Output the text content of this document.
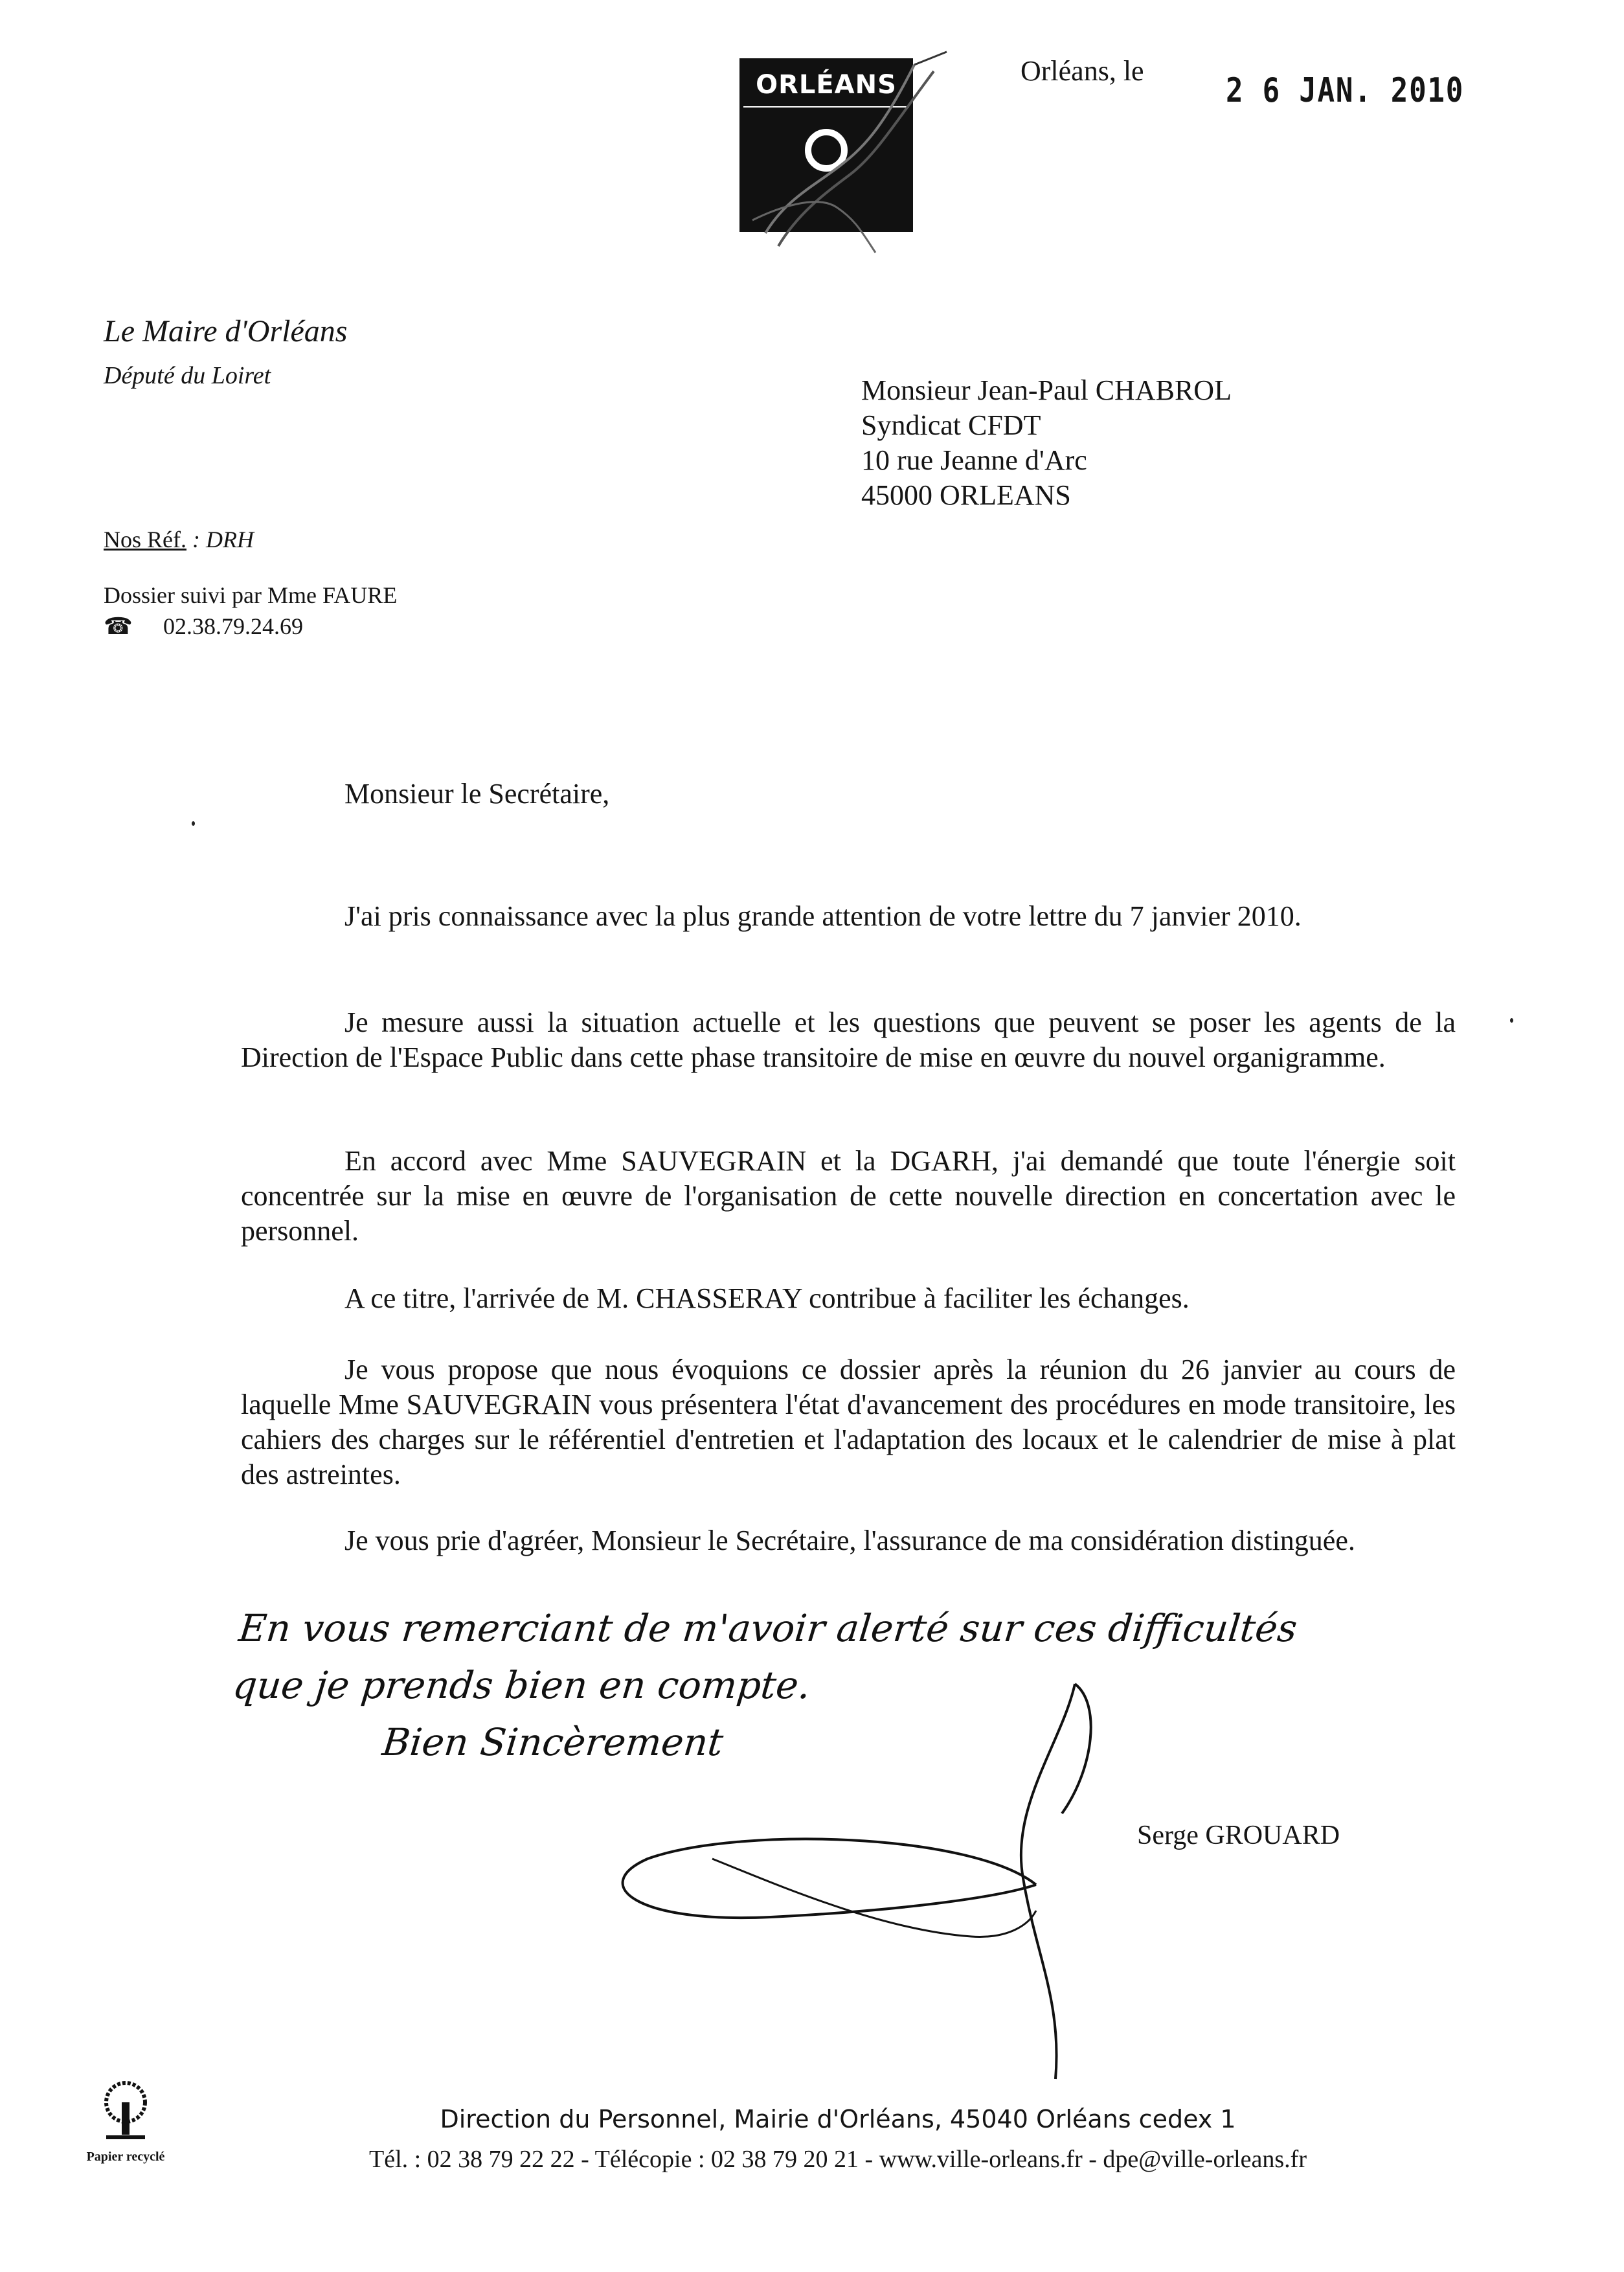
ORLÉANS	Orléans, le
2 6 JAN. 2010
Le Maire d'Orléans
Député du Loiret
Nos Réf. : DRH
Dossier suivi par Mme FAURE
☎ 02.38.79.24.69
Monsieur Jean-Paul CHABROL
Syndicat CFDT
10 rue Jeanne d'Arc
45000 ORLEANS
Monsieur le Secrétaire,

J'ai pris connaissance avec la plus grande attention de votre lettre du 7 janvier 2010.

Je mesure aussi la situation actuelle et les questions que peuvent se poser les agents de la Direction de l'Espace Public dans cette phase transitoire de mise en œuvre du nouvel organigramme.

En accord avec Mme SAUVEGRAIN et la DGARH, j'ai demandé que toute l'énergie soit concentrée sur la mise en œuvre de l'organisation de cette nouvelle direction en concertation avec le personnel.

A ce titre, l'arrivée de M. CHASSERAY contribue à faciliter les échanges.

Je vous propose que nous évoquions ce dossier après la réunion du 26 janvier au cours de laquelle Mme SAUVEGRAIN vous présentera l'état d'avancement des procédures en mode transitoire, les cahiers des charges sur le référentiel d'entretien et l'adaptation des locaux et le calendrier de mise à plat des astreintes.

Je vous prie d'agréer, Monsieur le Secrétaire, l'assurance de ma considération distinguée.

En vous remerciant de m'avoir alerté sur ces difficultés
que je prends bien en compte.
Bien Sincèrement
Serge GROUARD
Papier recyclé
Direction du Personnel, Mairie d'Orléans, 45040 Orléans cedex 1
Tél. : 02 38 79 22 22 - Télécopie : 02 38 79 20 21 - www.ville-orleans.fr - dpe@ville-orleans.fr
